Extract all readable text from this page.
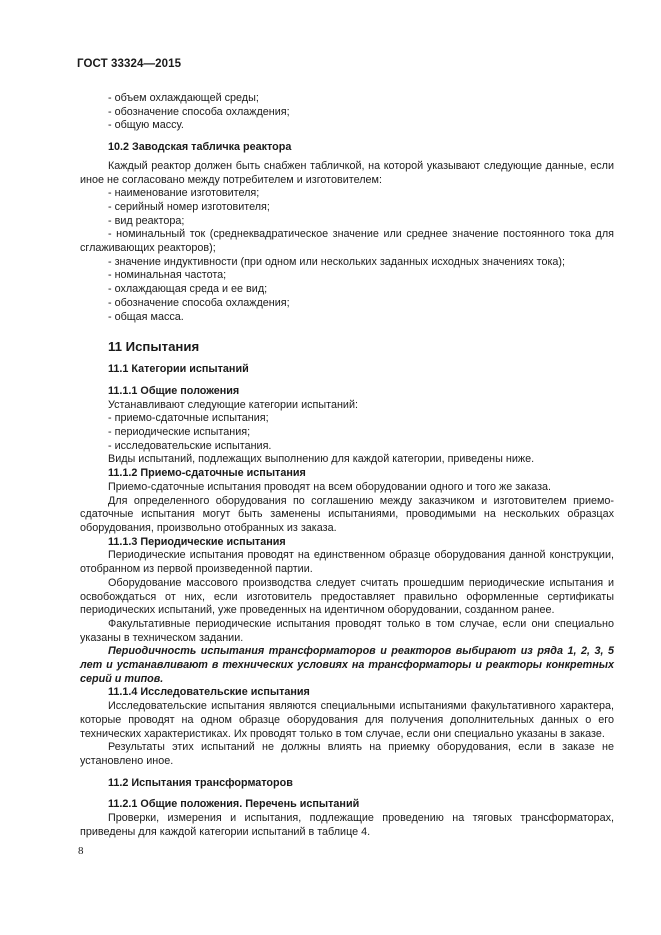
ГОСТ 33324—2015

- объем охлаждающей среды;

- обозначение способа охлаждения;

- общую массу.

10.2 Заводская табличка реактора

Каждый реактор должен быть снабжен табличкой, на которой указывают следующие данные, если иное не согласовано между потребителем и изготовителем:

- наименование изготовителя;

- серийный номер изготовителя;

- вид реактора;

- номинальный ток (среднеквадратическое значение или среднее значение постоянного тока для сглаживающих реакторов);

- значение индуктивности (при одном или нескольких заданных исходных значениях тока);

- номинальная частота;

- охлаждающая среда и ее вид;

- обозначение способа охлаждения;

- общая масса.

11 Испытания

11.1 Категории испытаний

11.1.1 Общие положения

Устанавливают следующие категории испытаний:

- приемо-сдаточные испытания;

- периодические испытания;

- исследовательские испытания.

Виды испытаний, подлежащих выполнению для каждой категории, приведены ниже.

11.1.2 Приемо-сдаточные испытания

Приемо-сдаточные испытания проводят на всем оборудовании одного и того же заказа.

Для определенного оборудования по соглашению между заказчиком и изготовителем приемо-сдаточные испытания могут быть заменены испытаниями, проводимыми на нескольких образцах оборудования, произвольно отобранных из заказа.

11.1.3 Периодические испытания

Периодические испытания проводят на единственном образце оборудования данной конструкции, отобранном из первой произведенной партии.

Оборудование массового производства следует считать прошедшим периодические испытания и освобождаться от них, если изготовитель предоставляет правильно оформленные сертификаты периодических испытаний, уже проведенных на идентичном оборудовании, созданном ранее.

Факультативные периодические испытания проводят только в том случае, если они специально указаны в техническом задании.

Периодичность испытания трансформаторов и реакторов выбирают из ряда 1, 2, 3, 5 лет и устанавливают в технических условиях на трансформаторы и реакторы конкретных серий и типов.

11.1.4 Исследовательские испытания

Исследовательские испытания являются специальными испытаниями факультативного характера, которые проводят на одном образце оборудования для получения дополнительных данных о его технических характеристиках. Их проводят только в том случае, если они специально указаны в заказе.

Результаты этих испытаний не должны влиять на приемку оборудования, если в заказе не установлено иное.

11.2 Испытания трансформаторов

11.2.1 Общие положения. Перечень испытаний

Проверки, измерения и испытания, подлежащие проведению на тяговых трансформаторах, приведены для каждой категории испытаний в таблице 4.

8
